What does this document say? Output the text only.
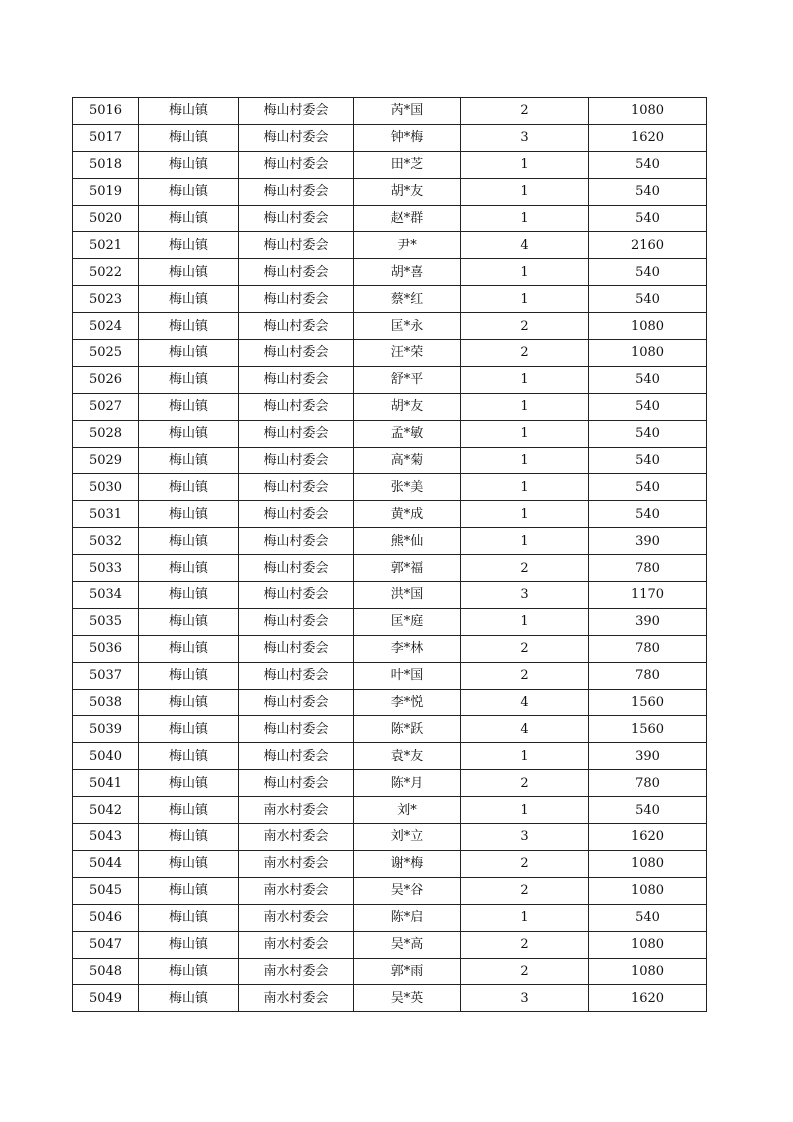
5016	梅山镇	梅山村委会	芮*国	2	1080
5017	梅山镇	梅山村委会	钟*梅	3	1620
5018	梅山镇	梅山村委会	田*芝	1	540
5019	梅山镇	梅山村委会	胡*友	1	540
5020	梅山镇	梅山村委会	赵*群	1	540
5021	梅山镇	梅山村委会	尹*	4	2160
5022	梅山镇	梅山村委会	胡*喜	1	540
5023	梅山镇	梅山村委会	蔡*红	1	540
5024	梅山镇	梅山村委会	匡*永	2	1080
5025	梅山镇	梅山村委会	汪*荣	2	1080
5026	梅山镇	梅山村委会	舒*平	1	540
5027	梅山镇	梅山村委会	胡*友	1	540
5028	梅山镇	梅山村委会	孟*敏	1	540
5029	梅山镇	梅山村委会	高*菊	1	540
5030	梅山镇	梅山村委会	张*美	1	540
5031	梅山镇	梅山村委会	黄*成	1	540
5032	梅山镇	梅山村委会	熊*仙	1	390
5033	梅山镇	梅山村委会	郭*福	2	780
5034	梅山镇	梅山村委会	洪*国	3	1170
5035	梅山镇	梅山村委会	匡*庭	1	390
5036	梅山镇	梅山村委会	李*林	2	780
5037	梅山镇	梅山村委会	叶*国	2	780
5038	梅山镇	梅山村委会	李*悦	4	1560
5039	梅山镇	梅山村委会	陈*跃	4	1560
5040	梅山镇	梅山村委会	袁*友	1	390
5041	梅山镇	梅山村委会	陈*月	2	780
5042	梅山镇	南水村委会	刘*	1	540
5043	梅山镇	南水村委会	刘*立	3	1620
5044	梅山镇	南水村委会	谢*梅	2	1080
5045	梅山镇	南水村委会	吴*谷	2	1080
5046	梅山镇	南水村委会	陈*启	1	540
5047	梅山镇	南水村委会	吴*高	2	1080
5048	梅山镇	南水村委会	郭*雨	2	1080
5049	梅山镇	南水村委会	吴*英	3	1620
